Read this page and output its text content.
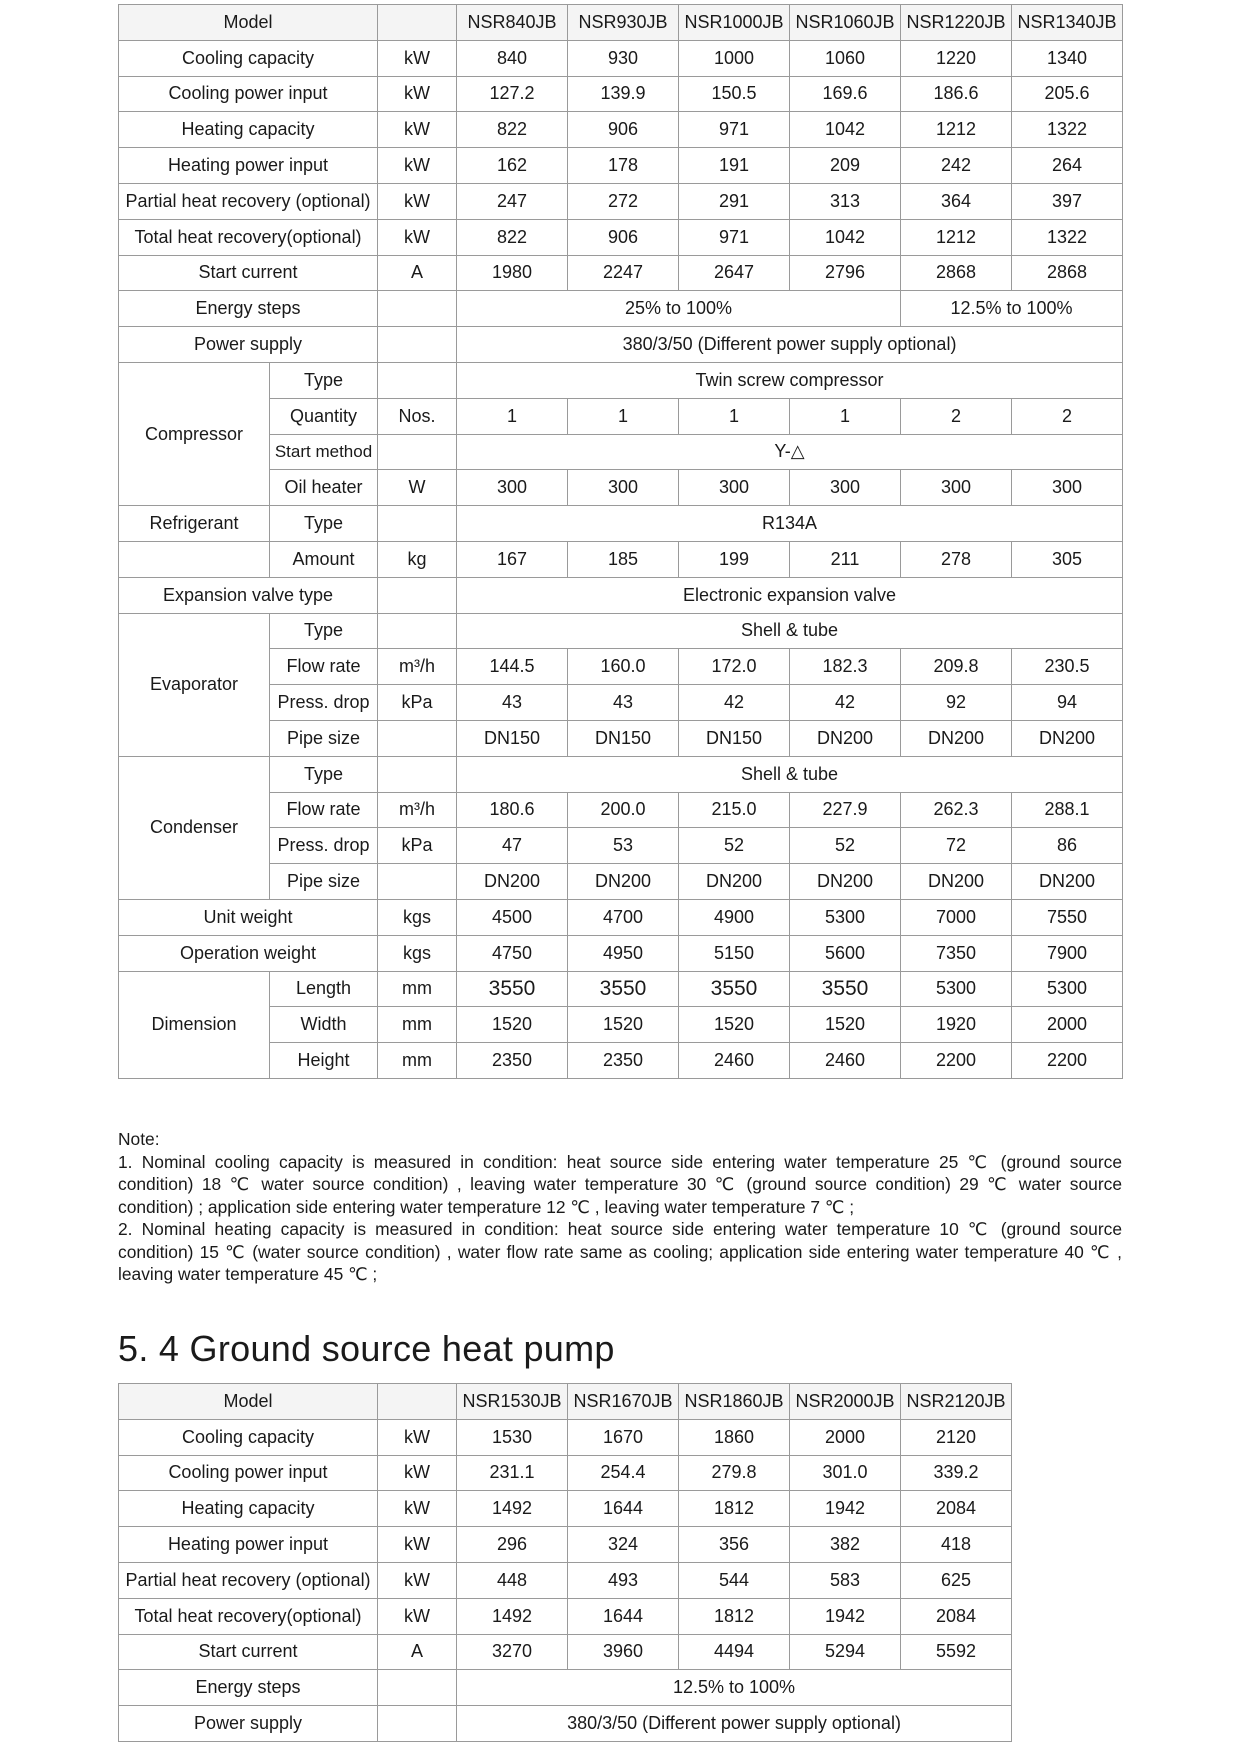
Model			NSR840JB	NSR930JB	NSR1000JB	NSR1060JB	NSR1220JB	NSR1340JB
Cooling capacity		kW	840	930	1000	1060	1220	1340
Cooling power input		kW	127.2	139.9	150.5	169.6	186.6	205.6
Heating capacity		kW	822	906	971	1042	1212	1322
Heating power input		kW	162	178	191	209	242	264
Partial heat recovery (optional)		kW	247	272	291	313	364	397
Total heat recovery(optional)		kW	822	906	971	1042	1212	1322
Start current		A	1980	2247	2647	2796	2868	2868
Energy steps			25% to 100%				12.5% to 100%	
Power supply			380/3/50 (Different power supply optional)					
Compressor	Type		Twin screw compressor					
	Quantity	Nos.	1	1	1	1	2	2
	Start method		Y-△					
	Oil heater	W	300	300	300	300	300	300
Refrigerant	Type		R134A					
	Amount	kg	167	185	199	211	278	305
Expansion valve type			Electronic expansion valve					
Evaporator	Type		Shell & tube					
	Flow rate	m³/h	144.5	160.0	172.0	182.3	209.8	230.5
	Press. drop	kPa	43	43	42	42	92	94
	Pipe size		DN150	DN150	DN150	DN200	DN200	DN200
Condenser	Type		Shell & tube					
	Flow rate	m³/h	180.6	200.0	215.0	227.9	262.3	288.1
	Press. drop	kPa	47	53	52	52	72	86
	Pipe size		DN200	DN200	DN200	DN200	DN200	DN200
Unit weight		kgs	4500	4700	4900	5300	7000	7550
Operation weight		kgs	4750	4950	5150	5600	7350	7900
Dimension	Length	mm	3550	3550	3550	3550	5300	5300
	Width	mm	1520	1520	1520	1520	1920	2000
	Height	mm	2350	2350	2460	2460	2200	2200

Note:

1. Nominal cooling capacity is measured in condition: heat source side entering water temperature 25 ℃ (ground source condition) 18 ℃ water source condition) , leaving water temperature 30 ℃ (ground source condition) 29 ℃ water source condition) ; application side entering water temperature 12 ℃ , leaving water temperature 7 ℃ ;

2. Nominal heating capacity is measured in condition: heat source side entering water temperature 10 ℃ (ground source condition) 15 ℃ (water source condition) , water flow rate same as cooling; application side entering water temperature 40 ℃ , leaving water temperature 45 ℃ ;

5. 4 Ground source heat pump
Model		NSR1530JB	NSR1670JB	NSR1860JB	NSR2000JB	NSR2120JB
Cooling capacity	kW	1530	1670	1860	2000	2120
Cooling power input	kW	231.1	254.4	279.8	301.0	339.2
Heating capacity	kW	1492	1644	1812	1942	2084
Heating power input	kW	296	324	356	382	418
Partial heat recovery (optional)	kW	448	493	544	583	625
Total heat recovery(optional)	kW	1492	1644	1812	1942	2084
Start current	A	3270	3960	4494	5294	5592
Energy steps		12.5% to 100%				
Power supply		380/3/50 (Different power supply optional)				
